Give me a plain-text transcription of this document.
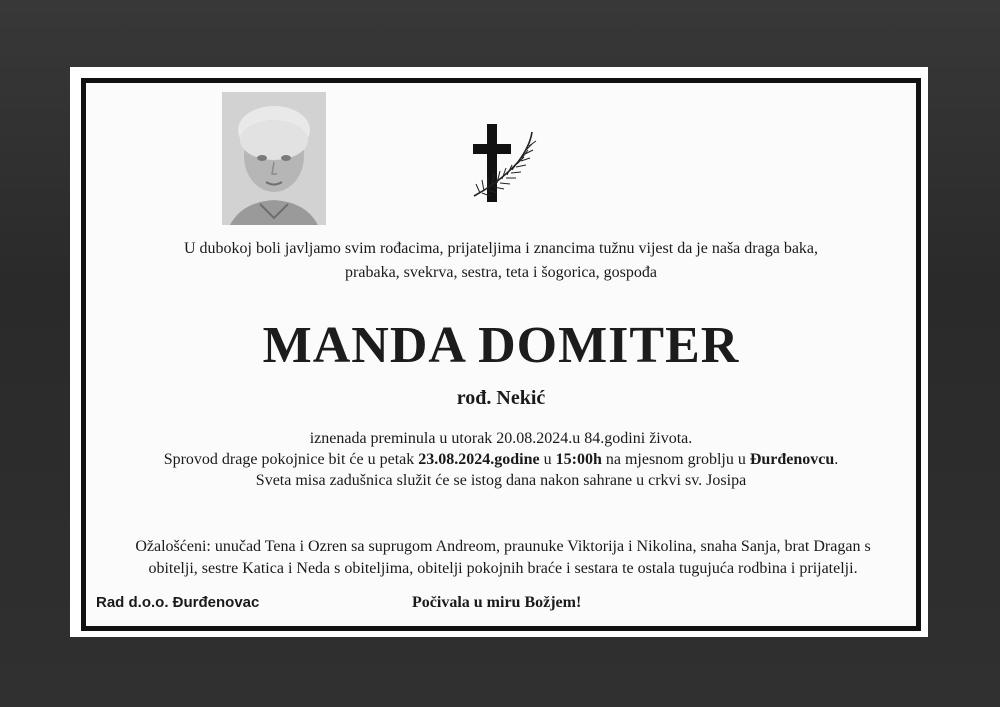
U dubokoj boli javljamo svim rođacima, prijateljima i znancima tužnu vijest da je naša draga baka,
prabaka, svekrva, sestra, teta i šogorica, gospođa
MANDA DOMITER
rođ. Nekić
iznenada preminula u utorak 20.08.2024.u 84.godini života.
Sprovod drage pokojnice bit će u petak 23.08.2024.godine u 15:00h na mjesnom groblju u Đurđenovcu.
Sveta misa zadušnica služit će se istog dana nakon sahrane u crkvi sv. Josipa
Ožalošćeni: unučad Tena i Ozren sa suprugom Andreom, praunuke Viktorija i Nikolina, snaha Sanja, brat Dragan s
obitelji, sestre Katica i Neda s obiteljima, obitelji pokojnih braće i sestara te ostala tugujuća rodbina i prijatelji.
Rad d.o.o. Đurđenovac	Počivala u miru Božjem!
